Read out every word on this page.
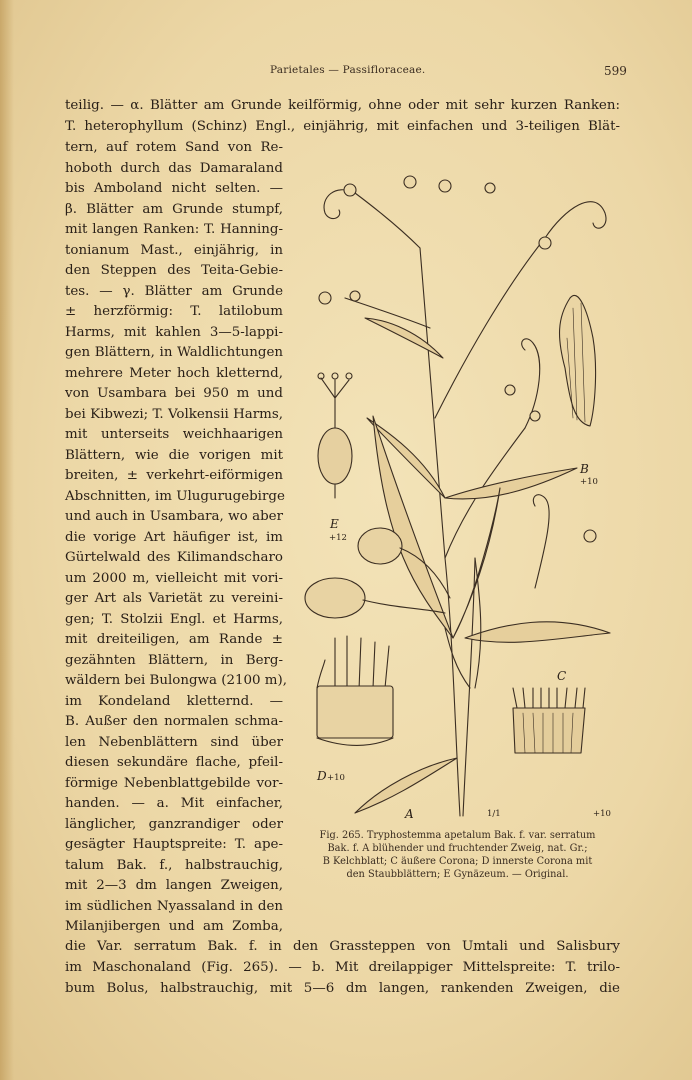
Parietales — Passifloraceae.	599
teilig. — α. Blätter am Grunde keilförmig, ohne oder mit sehr kurzen Ranken:
T. heterophyllum (Schinz) Engl., einjährig, mit einfachen und 3-teiligen Blät-
tern, auf rotem Sand von Re-
hoboth durch das Damaraland
bis Amboland nicht selten. —
β. Blätter am Grunde stumpf,
mit langen Ranken: T. Hanning-
tonianum Mast., einjährig, in
den Steppen des Teita-Gebie-
tes. — γ. Blätter am Grunde
± herzförmig: T. latilobum
Harms, mit kahlen 3—5-lappi-
gen Blättern, in Waldlichtungen
mehrere Meter hoch kletternd,
von Usambara bei 950 m und
bei Kibwezi; T. Volkensii Harms,
mit unterseits weichhaarigen
Blättern, wie die vorigen mit
breiten, ± verkehrt-eiförmigen
Abschnitten, im Ulugurugebirge
und auch in Usambara, wo aber
die vorige Art häufiger ist, im
Gürtelwald des Kilimandscharo
um 2000 m, vielleicht mit vori-
ger Art als Varietät zu vereini-
gen; T. Stolzii Engl. et Harms,
mit dreiteiligen, am Rande ±
gezähnten Blättern, in Berg-
wäldern bei Bulongwa (2100 m),
im Kondeland kletternd. —
B. Außer den normalen schma-
len Nebenblättern sind über
diesen sekundäre flache, pfeil-
förmige Nebenblattgebilde vor-
handen. — a. Mit einfacher,
länglicher, ganzrandiger oder
gesägter Hauptspreite: T. ape-
talum Bak. f., halbstrauchig,
mit 2—3 dm langen Zweigen,
im südlichen Nyassaland in den
Milanjibergen und am Zomba,
die Var. serratum Bak. f. in den Grassteppen von Umtali und Salisbury
im Maschonaland (Fig. 265). — b. Mit dreilappiger Mittelspreite: T. trilo-
bum Bolus, halbstrauchig, mit 5—6 dm langen, rankenden Zweigen, die
A	1/1
B
+10
C
+10
D +10
E
+12
Fig. 265. Tryphostemma apetalum Bak. f. var. serratum
Bak. f. A blühender und fruchtender Zweig, nat. Gr.;
B Kelchblatt; C äußere Corona; D innerste Corona mit
den Staubblättern; E Gynäzeum. — Original.
